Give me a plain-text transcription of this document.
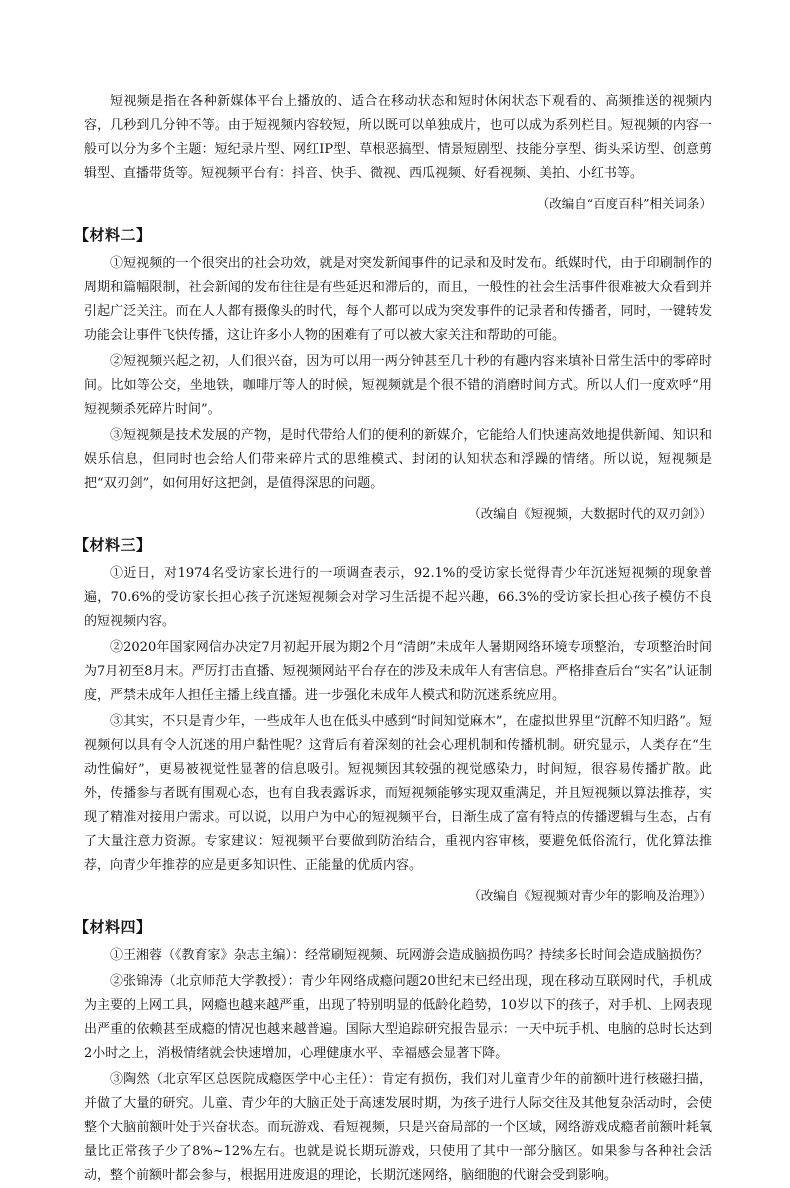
短视频是指在各种新媒体平台上播放的、适合在移动状态和短时休闲状态下观看的、高频推送的视频内容，几秒到几分钟不等。由于短视频内容较短，所以既可以单独成片，也可以成为系列栏目。短视频的内容一般可以分为多个主题：短纪录片型、网红IP型、草根恶搞型、情景短剧型、技能分享型、街头采访型、创意剪辑型、直播带货等。短视频平台有：抖音、快手、微视、西瓜视频、好看视频、美拍、小红书等。

（改编自“百度百科”相关词条）

【材料二】

①短视频的一个很突出的社会功效，就是对突发新闻事件的记录和及时发布。纸媒时代，由于印刷制作的周期和篇幅限制，社会新闻的发布往往是有些延迟和滞后的，而且，一般性的社会生活事件很难被大众看到并引起广泛关注。而在人人都有摄像头的时代，每个人都可以成为突发事件的记录者和传播者，同时，一键转发功能会让事件飞快传播，这让许多小人物的困难有了可以被大家关注和帮助的可能。

②短视频兴起之初，人们很兴奋，因为可以用一两分钟甚至几十秒的有趣内容来填补日常生活中的零碎时间。比如等公交，坐地铁，咖啡厅等人的时候，短视频就是个很不错的消磨时间方式。所以人们一度欢呼“用短视频杀死碎片时间”。

③短视频是技术发展的产物，是时代带给人们的便利的新媒介，它能给人们快速高效地提供新闻、知识和娱乐信息，但同时也会给人们带来碎片式的思维模式、封闭的认知状态和浮躁的情绪。所以说，短视频是把“双刃剑”，如何用好这把剑，是值得深思的问题。

（改编自《短视频，大数据时代的双刃剑》）

【材料三】

①近日，对1974名受访家长进行的一项调查表示，92.1%的受访家长觉得青少年沉迷短视频的现象普遍，70.6%的受访家长担心孩子沉迷短视频会对学习生活提不起兴趣，66.3%的受访家长担心孩子模仿不良的短视频内容。

②2020年国家网信办决定7月初起开展为期2个月“清朗”未成年人暑期网络环境专项整治，专项整治时间为7月初至8月末。严厉打击直播、短视频网站平台存在的涉及未成年人有害信息。严格排查后台“实名”认证制度，严禁未成年人担任主播上线直播。进一步强化未成年人模式和防沉迷系统应用。

③其实，不只是青少年，一些成年人也在低头中感到“时间知觉麻木”，在虚拟世界里“沉醉不知归路”。短视频何以具有令人沉迷的用户黏性呢？这背后有着深刻的社会心理机制和传播机制。研究显示，人类存在“生动性偏好”，更易被视觉性显著的信息吸引。短视频因其较强的视觉感染力，时间短，很容易传播扩散。此外，传播参与者既有围观心态，也有自我表露诉求，而短视频能够实现双重满足，并且短视频以算法推荐，实现了精准对接用户需求。可以说，以用户为中心的短视频平台，日渐生成了富有特点的传播逻辑与生态，占有了大量注意力资源。专家建议：短视频平台要做到防治结合，重视内容审核，要避免低俗流行，优化算法推荐，向青少年推荐的应是更多知识性、正能量的优质内容。

（改编自《短视频对青少年的影响及治理》）

【材料四】

①王湘蓉（《教育家》杂志主编）：经常刷短视频、玩网游会造成脑损伤吗？持续多长时间会造成脑损伤？

②张锦涛（北京师范大学教授）：青少年网络成瘾问题20世纪末已经出现，现在移动互联网时代，手机成为主要的上网工具，网瘾也越来越严重，出现了特别明显的低龄化趋势，10岁以下的孩子，对手机、上网表现出严重的依赖甚至成瘾的情况也越来越普遍。国际大型追踪研究报告显示：一天中玩手机、电脑的总时长达到2小时之上，消极情绪就会快速增加，心理健康水平、幸福感会显著下降。

③陶然（北京军区总医院成瘾医学中心主任）：肯定有损伤，我们对儿童青少年的前额叶进行核磁扫描，并做了大量的研究。儿童、青少年的大脑正处于高速发展时期，为孩子进行人际交往及其他复杂活动时，会使整个大脑前额叶处于兴奋状态。而玩游戏、看短视频，只是兴奋局部的一个区域，网络游戏成瘾者前额叶耗氧量比正常孩子少了8%~12%左右。也就是说长期玩游戏，只使用了其中一部分脑区。如果参与各种社会活动，整个前额叶都会参与，根据用进废退的理论，长期沉迷网络，脑细胞的代谢会受到影响。
